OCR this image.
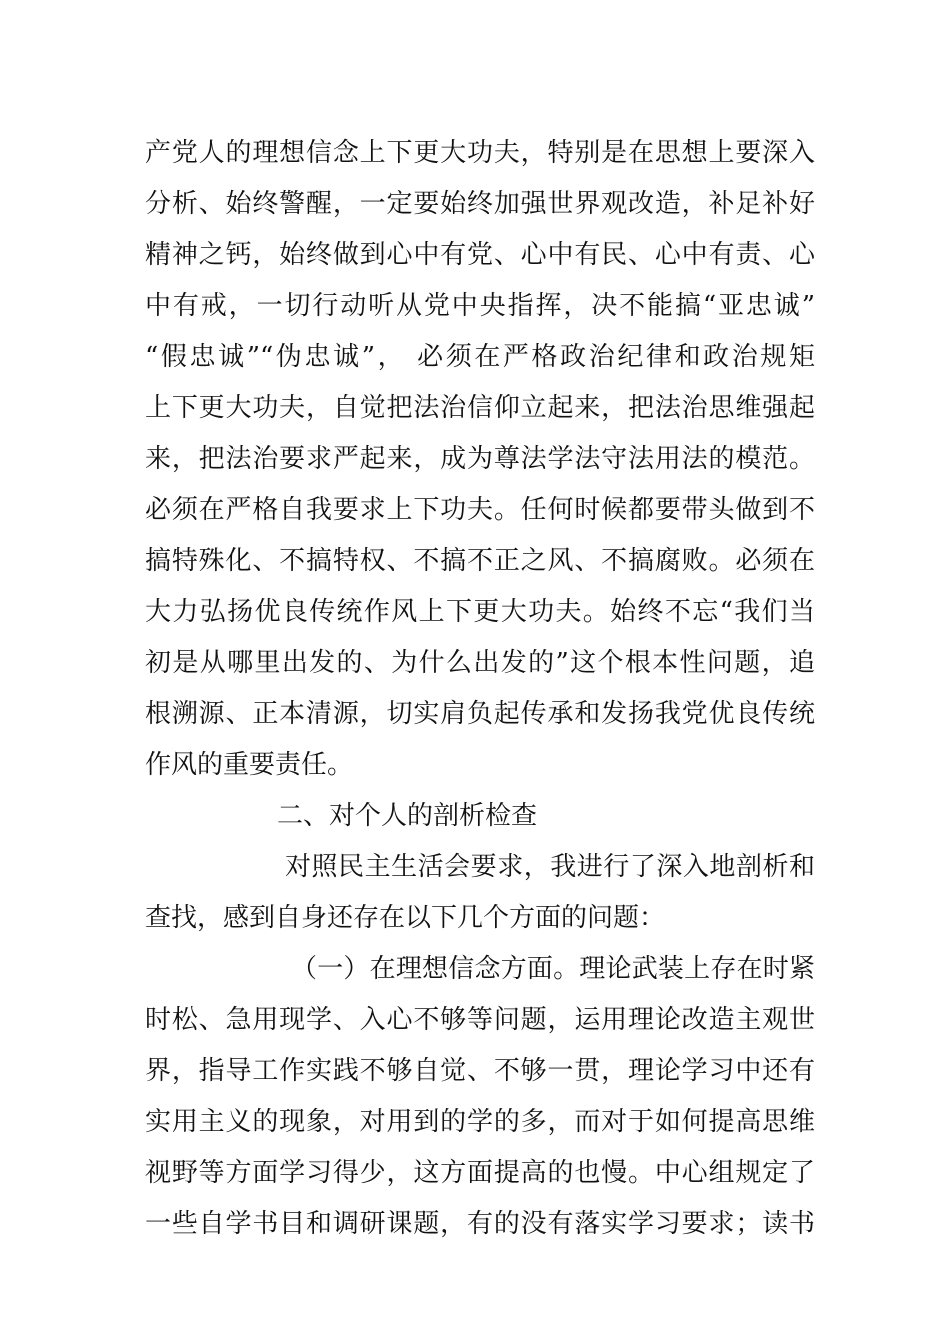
产党人的理想信念上下更大功夫，特别是在思想上要深入
分析、始终警醒，一定要始终加强世界观改造，补足补好
精神之钙，始终做到心中有党、心中有民、心中有责、心
中有戒，一切行动听从党中央指挥，决不能搞“亚忠诚”
“假忠诚”“伪忠诚”， 必须在严格政治纪律和政治规矩
上下更大功夫，自觉把法治信仰立起来，把法治思维强起
来，把法治要求严起来，成为尊法学法守法用法的模范。
必须在严格自我要求上下功夫。任何时候都要带头做到不
搞特殊化、不搞特权、不搞不正之风、不搞腐败。必须在
大力弘扬优良传统作风上下更大功夫。始终不忘“我们当
初是从哪里出发的、为什么出发的”这个根本性问题，追
根溯源、正本清源，切实肩负起传承和发扬我党优良传统
作风的重要责任。
二、对个人的剖析检查
对照民主生活会要求，我进行了深入地剖析和
查找，感到自身还存在以下几个方面的问题：
（一）在理想信念方面。理论武装上存在时紧
时松、急用现学、入心不够等问题，运用理论改造主观世
界，指导工作实践不够自觉、不够一贯，理论学习中还有
实用主义的现象，对用到的学的多，而对于如何提高思维
视野等方面学习得少，这方面提高的也慢。中心组规定了
一些自学书目和调研课题，有的没有落实学习要求；读书
